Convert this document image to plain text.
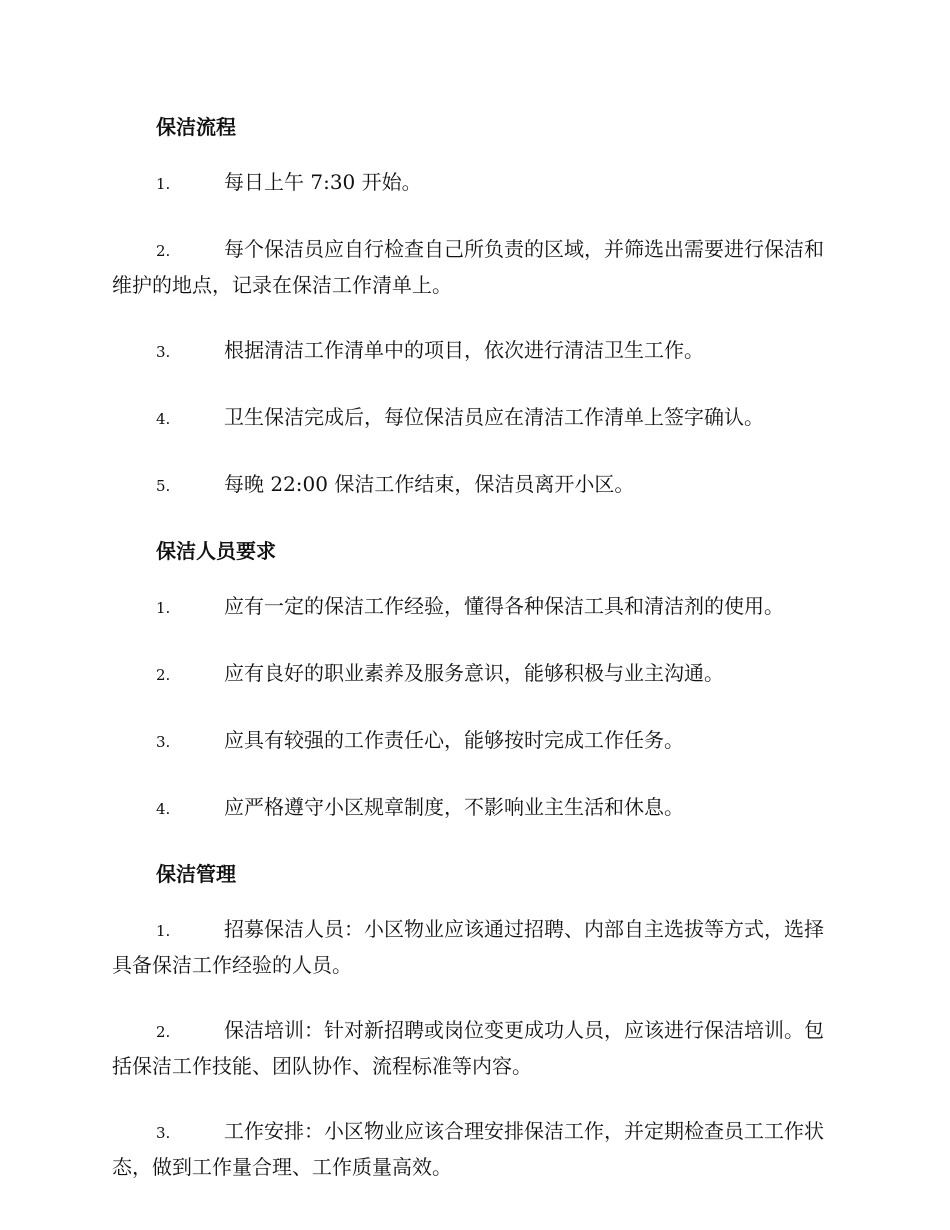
保洁流程

1.	每日上午 7:30 开始。

2.	每个保洁员应自行检查自己所负责的区域，并筛选出需要进行保洁和维护的地点，记录在保洁工作清单上。

3.	根据清洁工作清单中的项目，依次进行清洁卫生工作。

4.	卫生保洁完成后，每位保洁员应在清洁工作清单上签字确认。

5.	每晚 22:00 保洁工作结束，保洁员离开小区。

保洁人员要求

1.	应有一定的保洁工作经验，懂得各种保洁工具和清洁剂的使用。

2.	应有良好的职业素养及服务意识，能够积极与业主沟通。

3.	应具有较强的工作责任心，能够按时完成工作任务。

4.	应严格遵守小区规章制度，不影响业主生活和休息。

保洁管理

1.	招募保洁人员：小区物业应该通过招聘、内部自主选拔等方式，选择具备保洁工作经验的人员。

2.	保洁培训：针对新招聘或岗位变更成功人员，应该进行保洁培训。包括保洁工作技能、团队协作、流程标准等内容。

3.	工作安排：小区物业应该合理安排保洁工作，并定期检查员工工作状态，做到工作量合理、工作质量高效。
